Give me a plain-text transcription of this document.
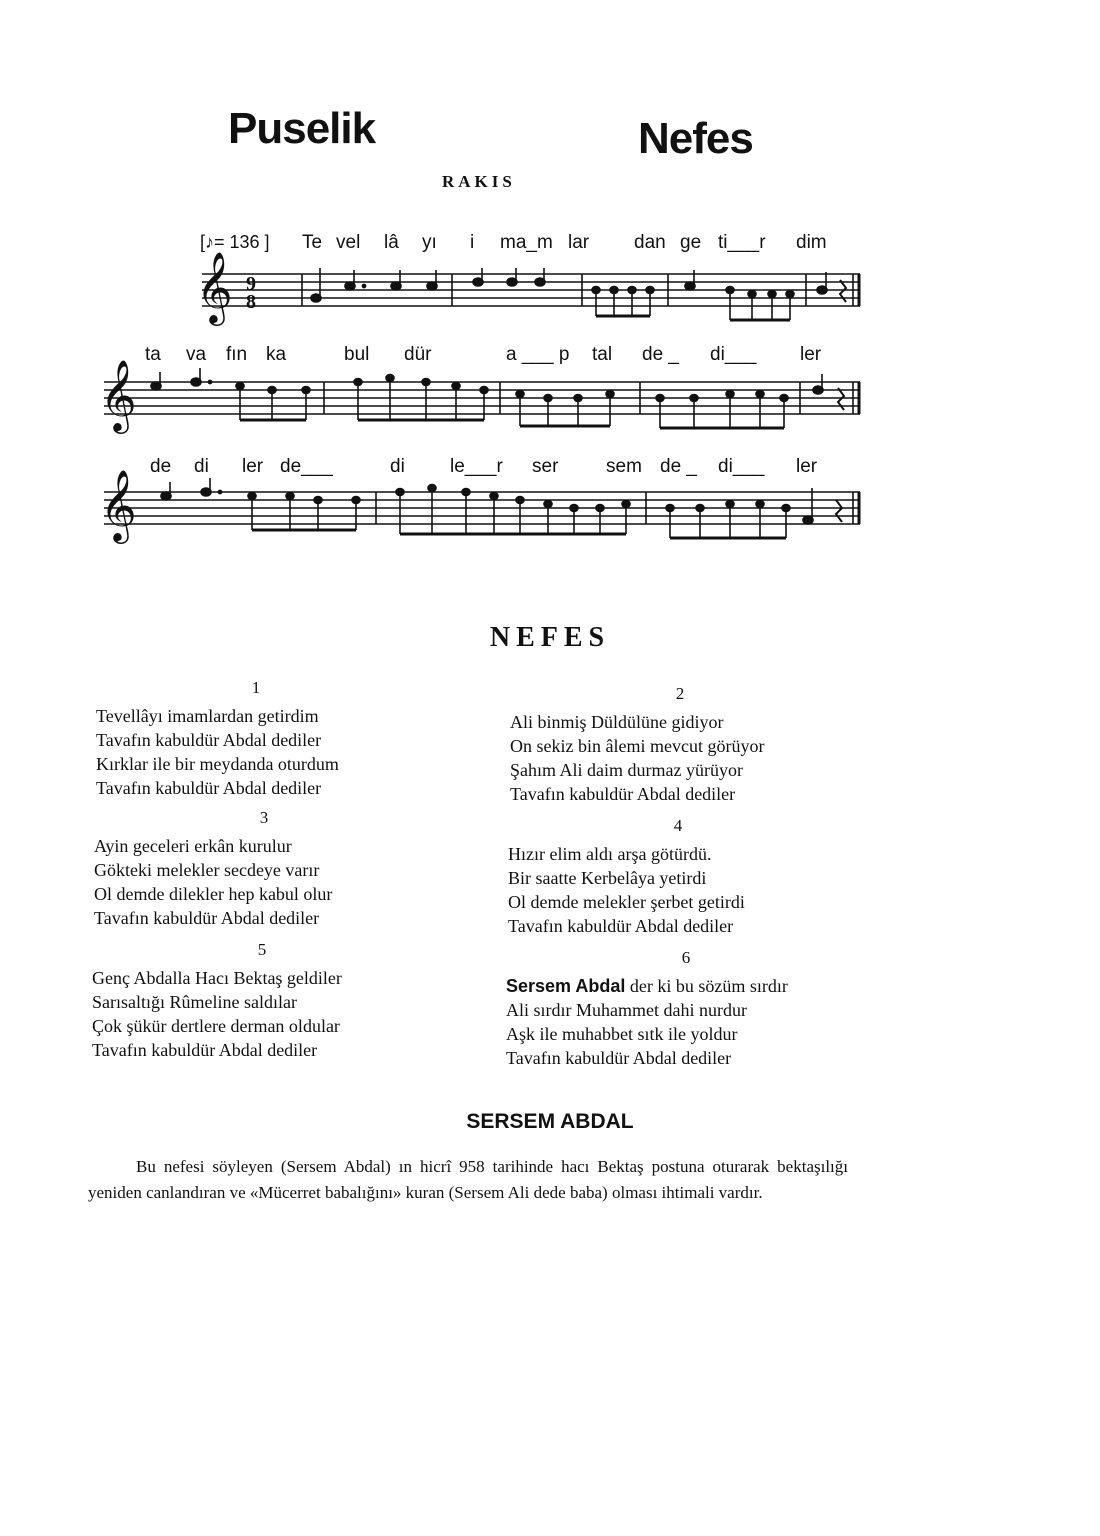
Puselik	Nefes
RAKIS
[♪= 136 ] Te vel lâ yı i ma_m lar dan ge ti___r dim
ta va fın ka	bul dür	a ___ p tal de _ di___ ler
de di ler de___	di le___r ser	sem de _ di___ ler
𝄞 9
8
𝄞
𝄞
NEFES
1
Tevellâyı imamlardan getirdim
Tavafın kabuldür Abdal dediler
Kırklar ile bir meydanda oturdum
Tavafın kabuldür Abdal dediler
2
Ali binmiş Düldülüne gidiyor
On sekiz bin âlemi mevcut görüyor
Şahım Ali daim durmaz yürüyor
Tavafın kabuldür Abdal dediler
3
Ayin geceleri erkân kurulur
Gökteki melekler secdeye varır
Ol demde dilekler hep kabul olur
Tavafın kabuldür Abdal dediler
4
Hızır elim aldı arşa götürdü.
Bir saatte Kerbelâya yetirdi
Ol demde melekler şerbet getirdi
Tavafın kabuldür Abdal dediler
5
Genç Abdalla Hacı Bektaş geldiler
Sarısaltığı Rûmeline saldılar
Çok şükür dertlere derman oldular
Tavafın kabuldür Abdal dediler
6
Sersem Abdal der ki bu sözüm sırdır
Ali sırdır Muhammet dahi nurdur
Aşk ile muhabbet sıtk ile yoldur
Tavafın kabuldür Abdal dediler
SERSEM ABDAL
Bu nefesi söyleyen (Sersem Abdal) ın hicrî 958 tarihinde hacı Bektaş postuna oturarak bektaşılığı yeniden canlandıran ve «Mücerret babalığını» kuran (Sersem Ali dede baba) olması ihtimali vardır.
